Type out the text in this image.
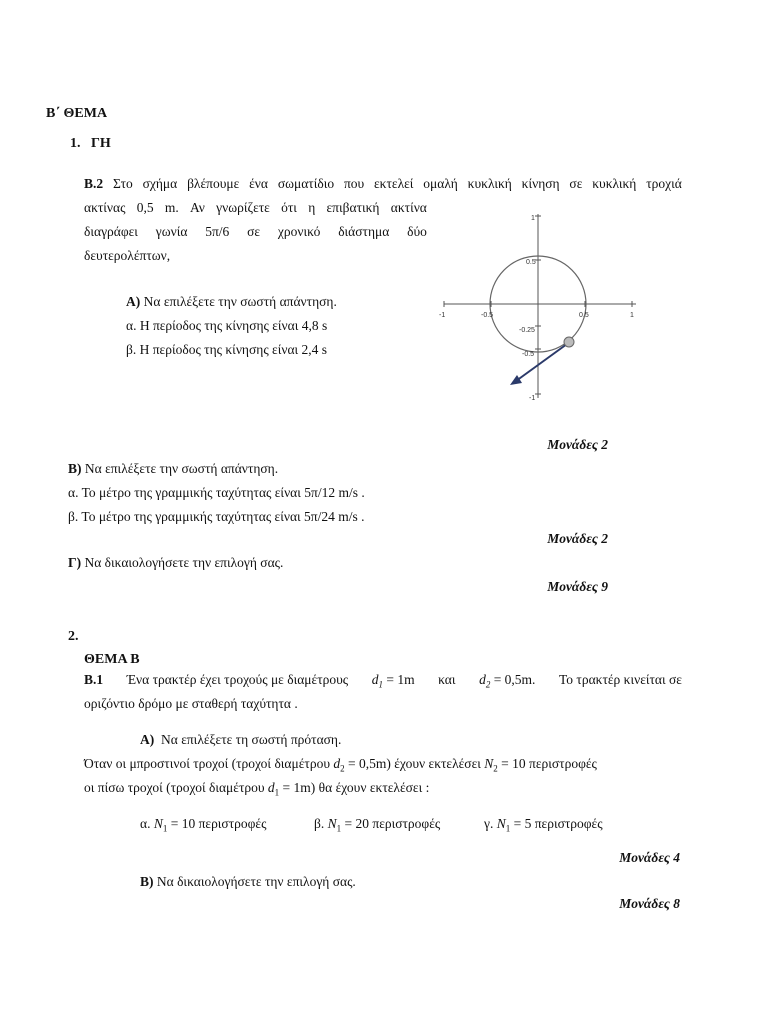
Β΄ ΘΕΜΑ
1. ΓΗ
Β.2 Στο σχήμα βλέπουμε ένα σωματίδιο που εκτελεί ομαλή κυκλική κίνηση σε κυκλική τροχιά
ακτίνας 0,5 m. Αν γνωρίζετε ότι η επιβατική ακτίνα
διαγράφει γωνία 5π/6 σε χρονικό διάστημα δύο
δευτερολέπτων,
Α) Να επιλέξετε την σωστή απάντηση.
α. Η περίοδος της κίνησης είναι 4,8 s
β. Η περίοδος της κίνησης είναι 2,4 s
1
0.5
-0.25
-0.5
-1
-1	-0.5	0.5	1
Μονάδες 2
Β) Να επιλέξετε την σωστή απάντηση.
α. Το μέτρο της γραμμικής ταχύτητας είναι 5π/12 m/s .
β. Το μέτρο της γραμμικής ταχύτητας είναι 5π/24 m/s .
Μονάδες 2
Γ) Να δικαιολογήσετε την επιλογή σας.
Μονάδες 9
2.
ΘΕΜΑ Β
Β.1 Ένα τρακτέρ έχει τροχούς με διαμέτρους $d_1 = 1m$ και $d_2 = 0,5m$. Το τρακτέρ κινείται σε
οριζόντιο δρόμο με σταθερή ταχύτητα .
Α) Να επιλέξετε τη σωστή πρόταση.
Όταν οι μπροστινοί τροχοί (τροχοί διαμέτρου $d_2 = 0,5m$) έχουν εκτελέσει $N_2 = 10$ περιστροφές
οι πίσω τροχοί (τροχοί διαμέτρου $d_1 = 1m$) θα έχουν εκτελέσει :
α. $N_1 = 10$ περιστροφές	β. $N_1 = 20$ περιστροφές	γ. $N_1 = 5$ περιστροφές
Μονάδες 4
Β) Να δικαιολογήσετε την επιλογή σας.
Μονάδες 8
